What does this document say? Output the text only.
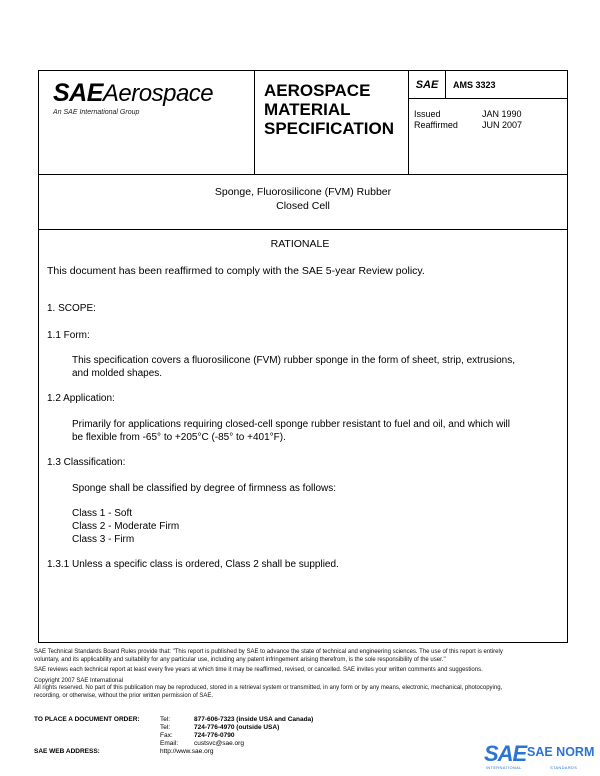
SAEAerospace
An SAE International Group
AEROSPACE
MATERIAL
SPECIFICATION
SAE	AMS 3323
Issued	JAN 1990
Reaffirmed	JUN 2007
Sponge, Fluorosilicone (FVM) Rubber
Closed Cell
RATIONALE
This document has been reaffirmed to comply with the SAE 5-year Review policy.
1. SCOPE:
1.1 Form:
This specification covers a fluorosilicone (FVM) rubber sponge in the form of sheet, strip, extrusions,
and molded shapes.
1.2 Application:
Primarily for applications requiring closed-cell sponge rubber resistant to fuel and oil, and which will
be flexible from -65° to +205°C (-85° to +401°F).
1.3 Classification:
Sponge shall be classified by degree of firmness as follows:
Class 1 - Soft
Class 2 - Moderate Firm
Class 3 - Firm
1.3.1 Unless a specific class is ordered, Class 2 shall be supplied.

SAE Technical Standards Board Rules provide that: "This report is published by SAE to advance the state of technical and engineering sciences. The use of this report is entirely

voluntary, and its applicability and suitability for any particular use, including any patent infringement arising therefrom, is the sole responsibility of the user."

SAE reviews each technical report at least every five years at which time it may be reaffirmed, revised, or cancelled. SAE invites your written comments and suggestions.

Copyright 2007 SAE International

All rights reserved. No part of this publication may be reproduced, stored in a retrieval system or transmitted, in any form or by any means, electronic, mechanical, photocopying,

recording, or otherwise, without the prior written permission of SAE.

TO PLACE A DOCUMENT ORDER:	Tel:	877-606-7323 (inside USA and Canada)
Tel:	724-776-4970 (outside USA)
Fax:	724-776-0790
Email: custsvc@sae.org
SAE WEB ADDRESS:	http://www.sae.org	SAE SAE NORM
INTERNATIONAL	STANDARDS
